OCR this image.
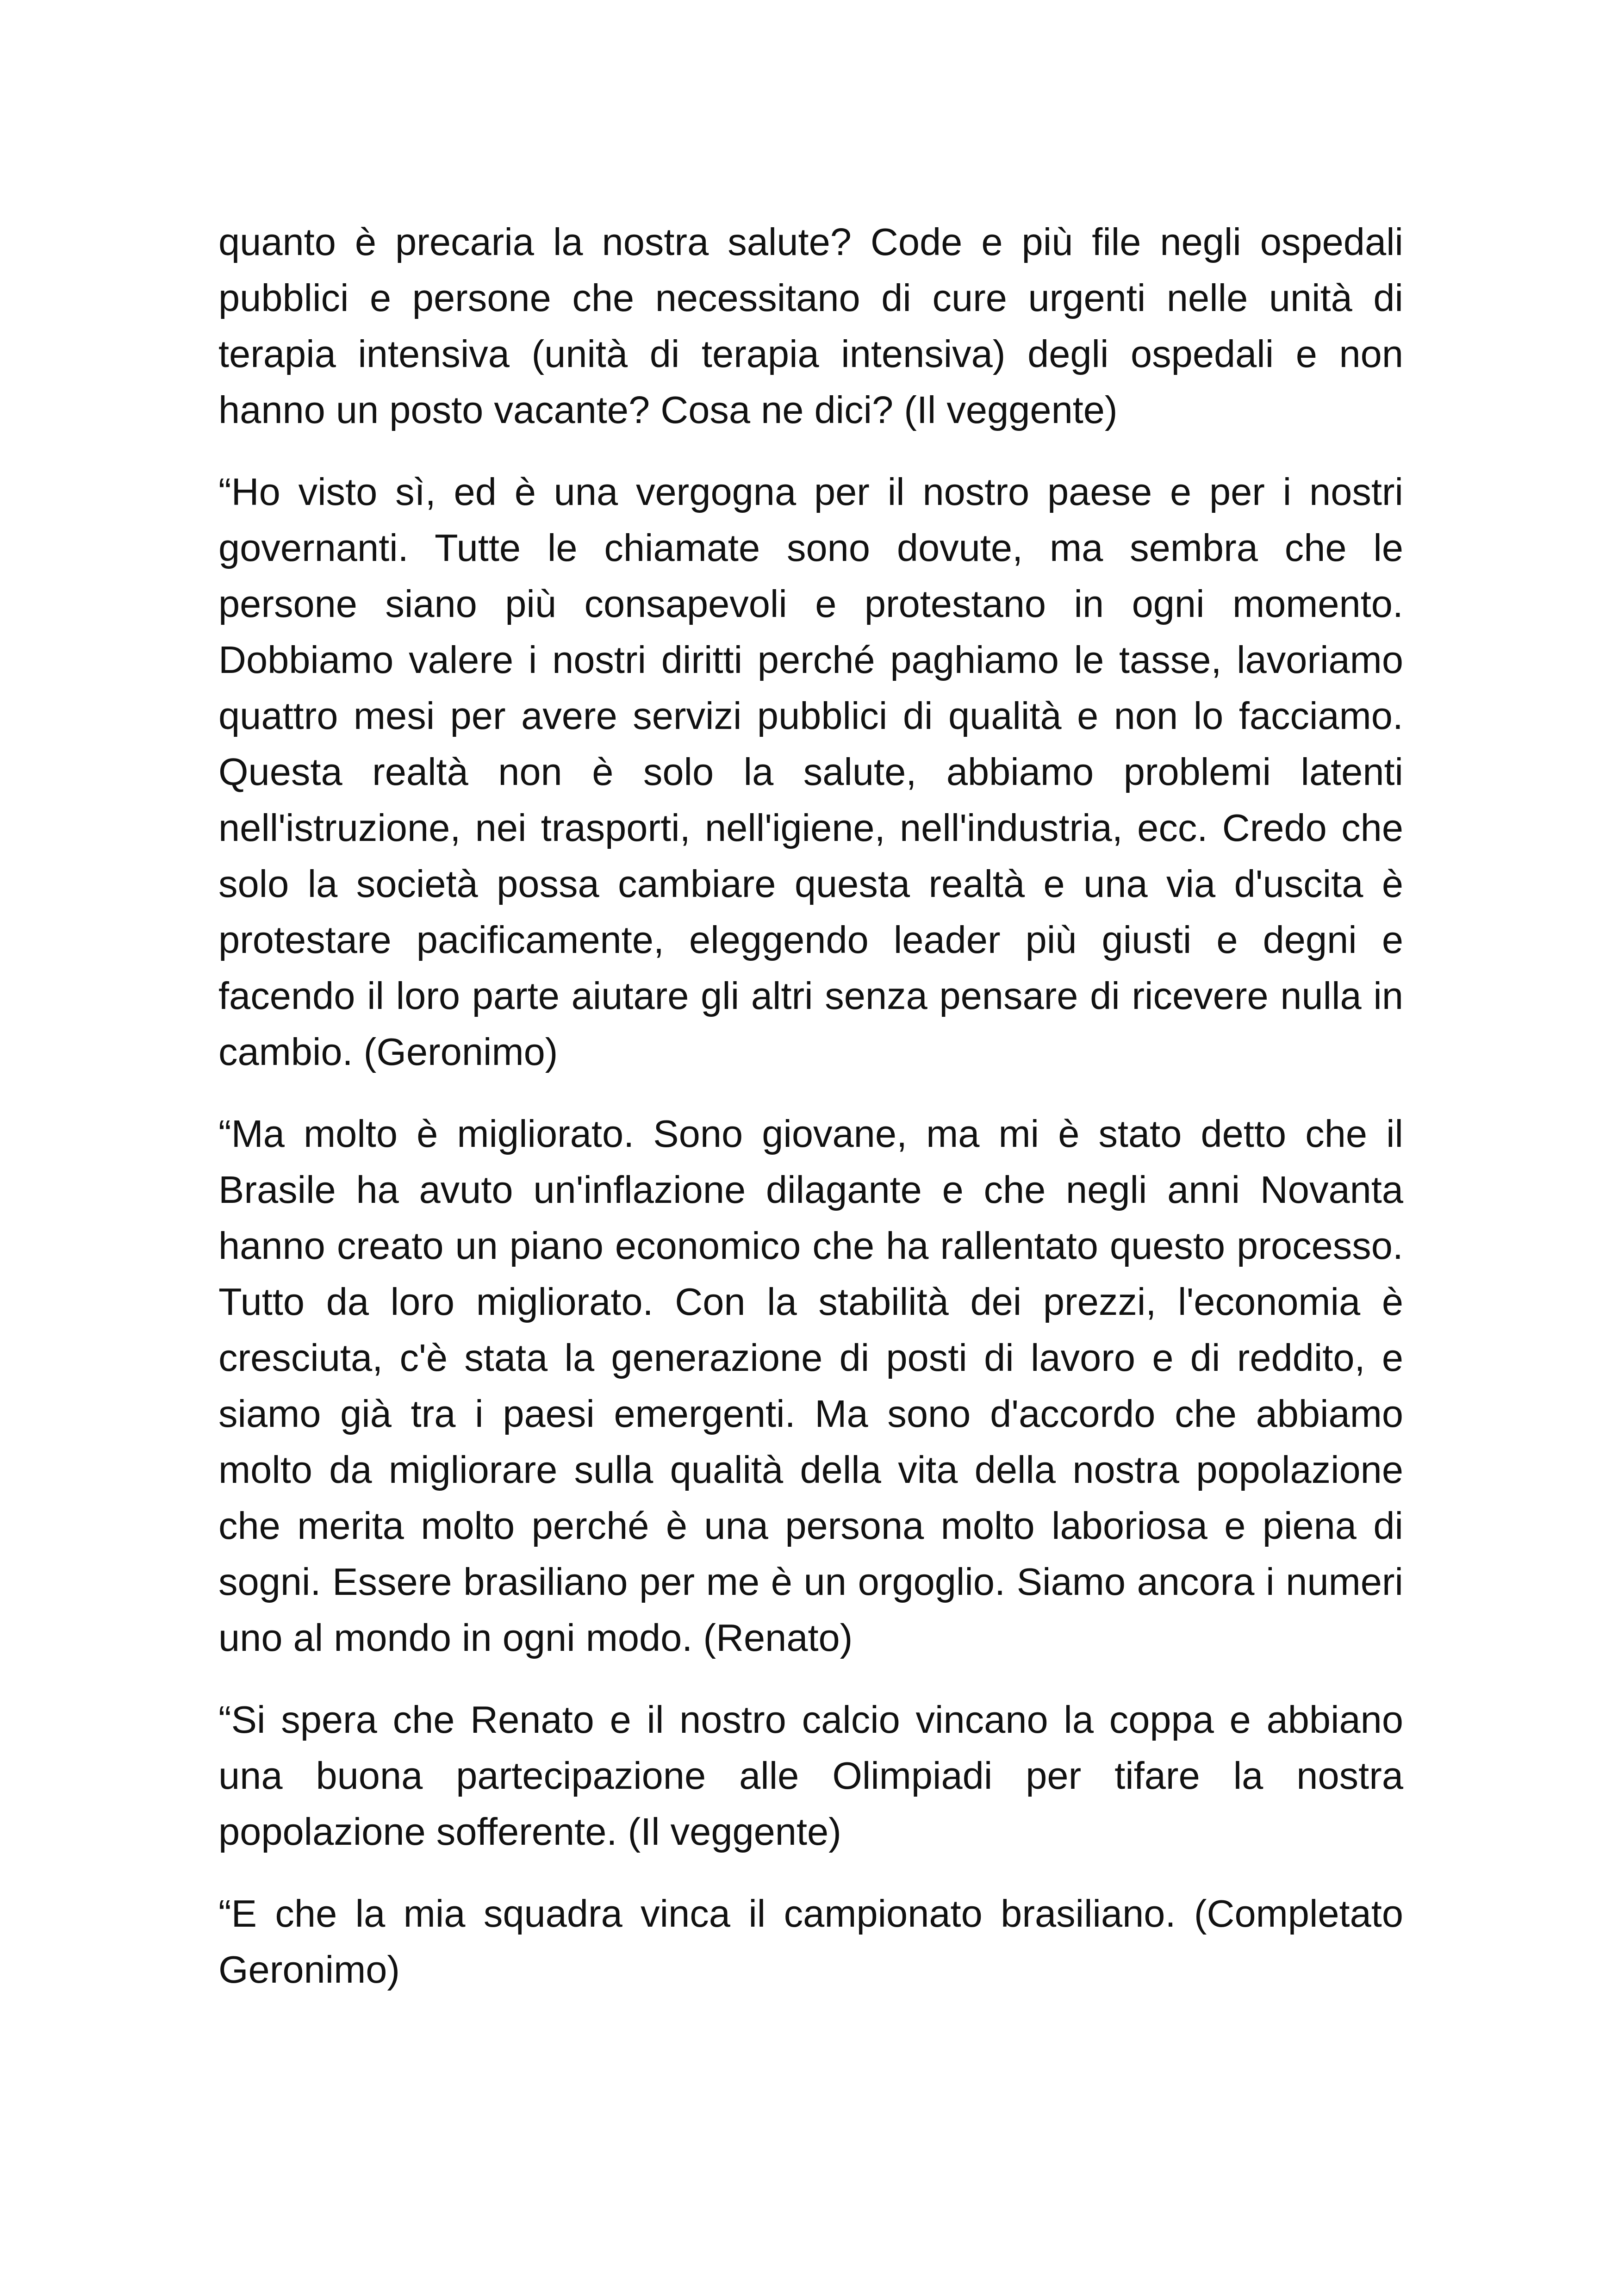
quanto è precaria la nostra salute? Code e più file negli ospedali pubblici e persone che necessitano di cure urgenti nelle unità di terapia intensiva (unità di terapia intensiva) degli ospedali e non hanno un posto vacante? Cosa ne dici? (Il veggente)

“Ho visto sì, ed è una vergogna per il nostro paese e per i nostri governanti. Tutte le chiamate sono dovute, ma sembra che le persone siano più consapevoli e protestano in ogni momento. Dobbiamo valere i nostri diritti perché paghiamo le tasse, lavoriamo quattro mesi per avere servizi pubblici di qualità e non lo facciamo. Questa realtà non è solo la salute, abbiamo problemi latenti nell'istruzione, nei trasporti, nell'igiene, nell'industria, ecc. Credo che solo la società possa cambiare questa realtà e una via d'uscita è protestare pacificamente, eleggendo leader più giusti e degni e facendo il loro parte aiutare gli altri senza pensare di ricevere nulla in cambio. (Geronimo)

“Ma molto è migliorato. Sono giovane, ma mi è stato detto che il Brasile ha avuto un'inflazione dilagante e che negli anni Novanta hanno creato un piano economico che ha rallentato questo processo. Tutto da loro migliorato. Con la stabilità dei prezzi, l'economia è cresciuta, c'è stata la generazione di posti di lavoro e di reddito, e siamo già tra i paesi emergenti. Ma sono d'accordo che abbiamo molto da migliorare sulla qualità della vita della nostra popolazione che merita molto perché è una persona molto laboriosa e piena di sogni. Essere brasiliano per me è un orgoglio. Siamo ancora i numeri uno al mondo in ogni modo. (Renato)

“Si spera che Renato e il nostro calcio vincano la coppa e abbiano una buona partecipazione alle Olimpiadi per tifare la nostra popolazione sofferente. (Il veggente)

“E che la mia squadra vinca il campionato brasiliano. (Completato Geronimo)
